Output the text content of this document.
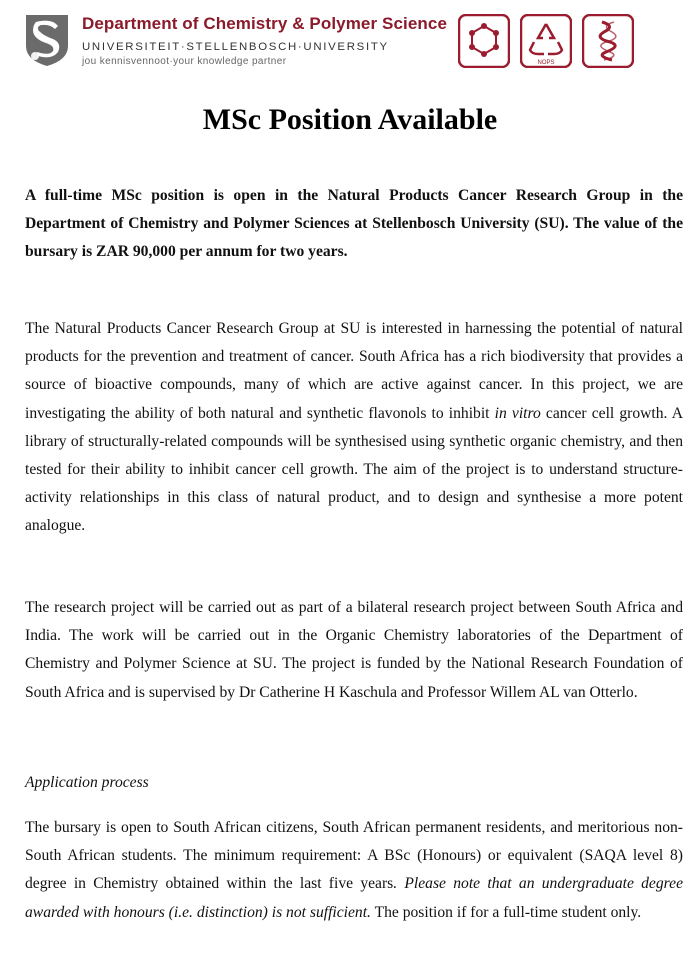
Department of Chemistry & Polymer Science
UNIVERSITEIT·STELLENBOSCH·UNIVERSITY
jou kennisvennoot·your knowledge partner	NOPS
MSc Position Available

A full-time MSc position is open in the Natural Products Cancer Research Group in the Department of Chemistry and Polymer Sciences at Stellenbosch University (SU). The value of the bursary is ZAR 90,000 per annum for two years.

The Natural Products Cancer Research Group at SU is interested in harnessing the potential of natural products for the prevention and treatment of cancer. South Africa has a rich biodiversity that provides a source of bioactive compounds, many of which are active against cancer. In this project, we are investigating the ability of both natural and synthetic flavonols to inhibit in vitro cancer cell growth. A library of structurally-related compounds will be synthesised using synthetic organic chemistry, and then tested for their ability to inhibit cancer cell growth. The aim of the project is to understand structure-activity relationships in this class of natural product, and to design and synthesise a more potent analogue.

The research project will be carried out as part of a bilateral research project between South Africa and India. The work will be carried out in the Organic Chemistry laboratories of the Department of Chemistry and Polymer Science at SU. The project is funded by the National Research Foundation of South Africa and is supervised by Dr Catherine H Kaschula and Professor Willem AL van Otterlo.

Application process

The bursary is open to South African citizens, South African permanent residents, and meritorious non-South African students. The minimum requirement: A BSc (Honours) or equivalent (SAQA level 8) degree in Chemistry obtained within the last five years. Please note that an undergraduate degree awarded with honours (i.e. distinction) is not sufficient. The position if for a full-time student only.
